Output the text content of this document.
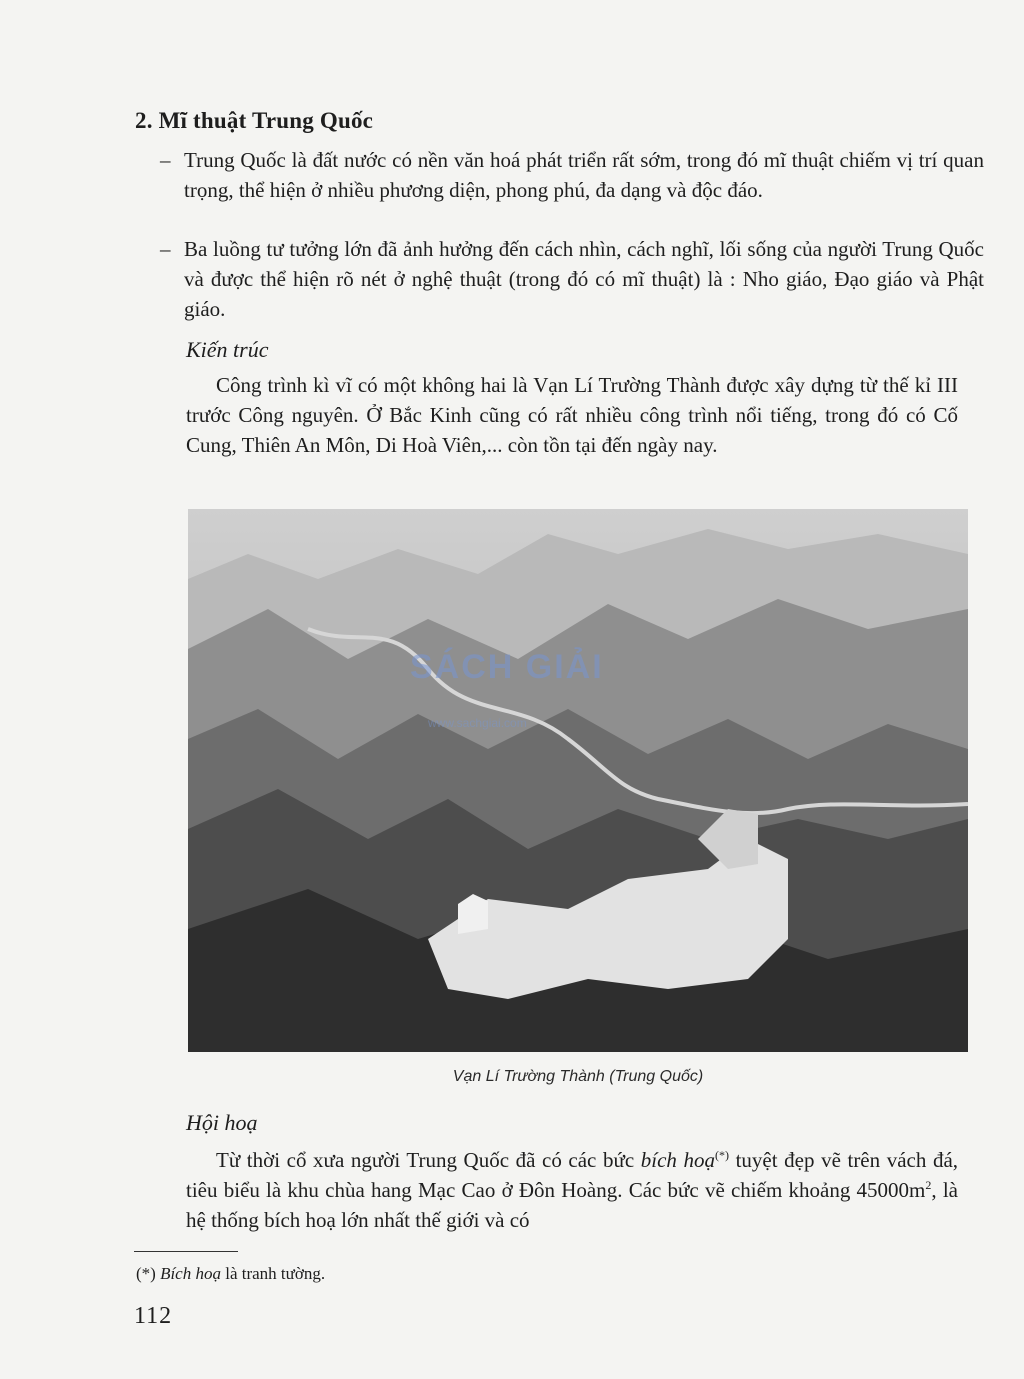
2. Mĩ thuật Trung Quốc
– Trung Quốc là đất nước có nền văn hoá phát triển rất sớm, trong đó mĩ thuật chiếm vị trí quan trọng, thể hiện ở nhiều phương diện, phong phú, đa dạng và độc đáo.
– Ba luồng tư tưởng lớn đã ảnh hưởng đến cách nhìn, cách nghĩ, lối sống của người Trung Quốc và được thể hiện rõ nét ở nghệ thuật (trong đó có mĩ thuật) là : Nho giáo, Đạo giáo và Phật giáo.
Kiến trúc
Công trình kì vĩ có một không hai là Vạn Lí Trường Thành được xây dựng từ thế kỉ III trước Công nguyên. Ở Bắc Kinh cũng có rất nhiều công trình nổi tiếng, trong đó có Cố Cung, Thiên An Môn, Di Hoà Viên,... còn tồn tại đến ngày nay.
SÁCH GIẢI
www.sachgiai.com
Vạn Lí Trường Thành (Trung Quốc)
Hội hoạ
Từ thời cổ xưa người Trung Quốc đã có các bức bích hoạ(*) tuyệt đẹp vẽ trên vách đá, tiêu biểu là khu chùa hang Mạc Cao ở Đôn Hoàng. Các bức vẽ chiếm khoảng $45000m^2$, là hệ thống bích hoạ lớn nhất thế giới và có
(*) Bích hoạ là tranh tường.
112
